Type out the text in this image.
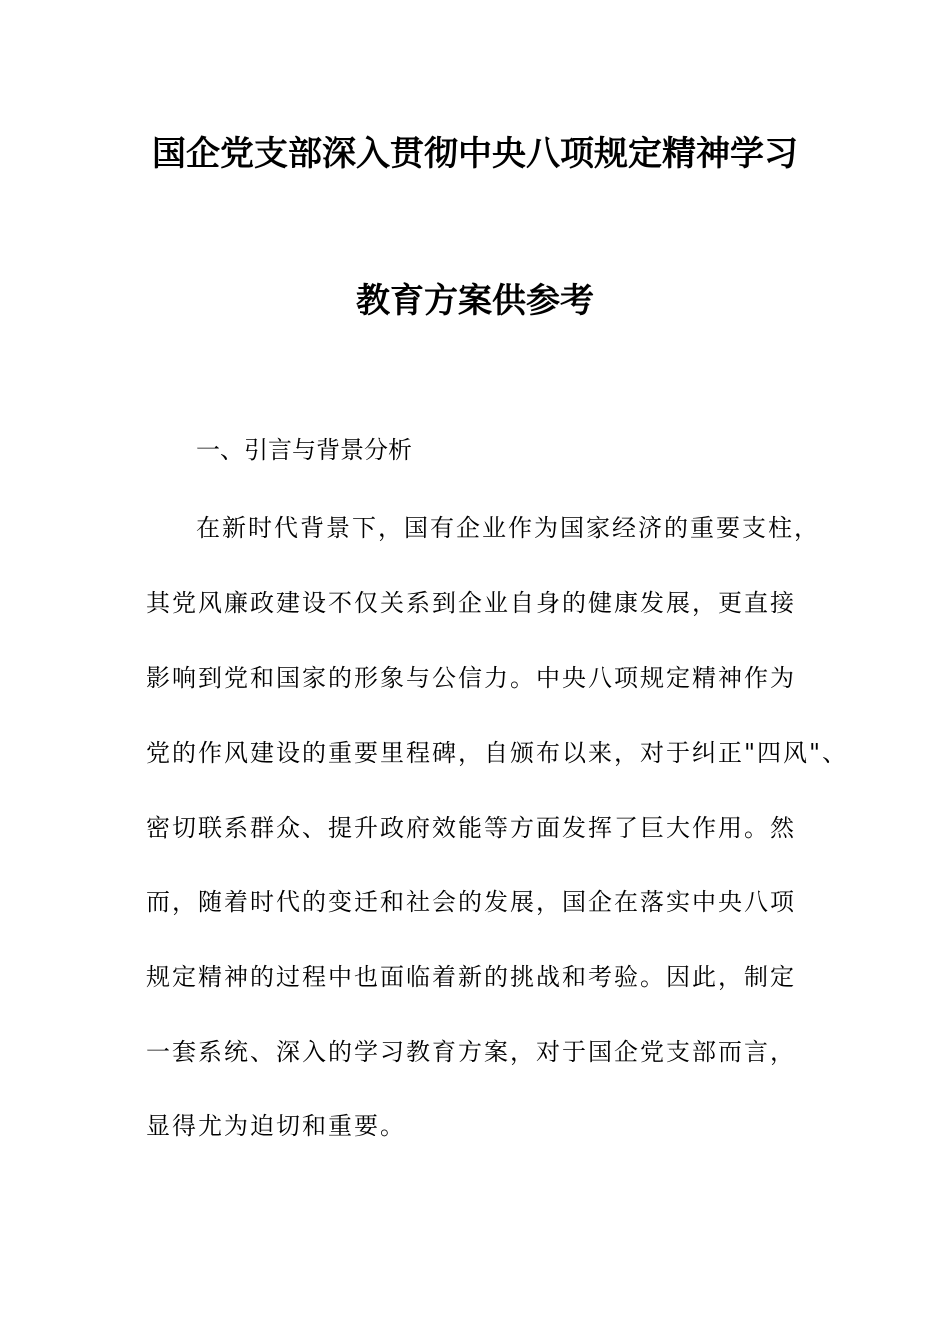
国企党支部深入贯彻中央八项规定精神学习
教育方案供参考
一、引言与背景分析
在新时代背景下，国有企业作为国家经济的重要支柱，
其党风廉政建设不仅关系到企业自身的健康发展，更直接
影响到党和国家的形象与公信力。中央八项规定精神作为
党的作风建设的重要里程碑，自颁布以来，对于纠正"四风"、
密切联系群众、提升政府效能等方面发挥了巨大作用。然
而，随着时代的变迁和社会的发展，国企在落实中央八项
规定精神的过程中也面临着新的挑战和考验。因此，制定
一套系统、深入的学习教育方案，对于国企党支部而言，
显得尤为迫切和重要。
